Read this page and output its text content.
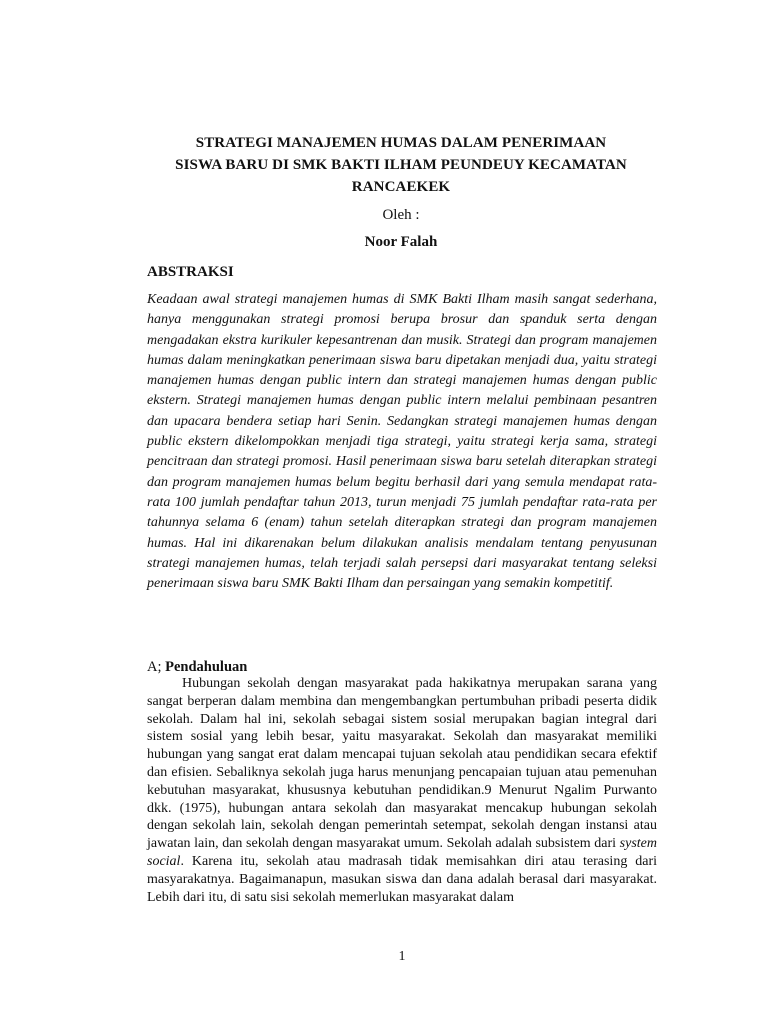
STRATEGI MANAJEMEN HUMAS DALAM PENERIMAAN
SISWA BARU DI SMK BAKTI ILHAM PEUNDEUY KECAMATAN
RANCAEKEK
Oleh :
Noor Falah
ABSTRAKSI

Keadaan awal strategi manajemen humas di SMK Bakti Ilham masih sangat sederhana, hanya menggunakan strategi promosi berupa brosur dan spanduk serta dengan mengadakan ekstra kurikuler kepesantrenan dan musik. Strategi dan program manajemen humas dalam meningkatkan penerimaan siswa baru dipetakan menjadi dua, yaitu strategi manajemen humas dengan public intern dan strategi manajemen humas dengan public ekstern. Strategi manajemen humas dengan public intern melalui pembinaan pesantren dan upacara bendera setiap hari Senin. Sedangkan strategi manajemen humas dengan public ekstern dikelompokkan menjadi tiga strategi, yaitu strategi kerja sama, strategi pencitraan dan strategi promosi. Hasil penerimaan siswa baru setelah diterapkan strategi dan program manajemen humas belum begitu berhasil dari yang semula mendapat rata-rata 100 jumlah pendaftar tahun 2013, turun menjadi 75 jumlah pendaftar rata-rata per tahunnya selama 6 (enam) tahun setelah diterapkan strategi dan program manajemen humas. Hal ini dikarenakan belum dilakukan analisis mendalam tentang penyusunan strategi manajemen humas, telah terjadi salah persepsi dari masyarakat tentang seleksi penerimaan siswa baru SMK Bakti Ilham dan persaingan yang semakin kompetitif.

A; Pendahuluan

Hubungan sekolah dengan masyarakat pada hakikatnya merupakan sarana yang sangat berperan dalam membina dan mengembangkan pertumbuhan pribadi peserta didik sekolah. Dalam hal ini, sekolah sebagai sistem sosial merupakan bagian integral dari sistem sosial yang lebih besar, yaitu masyarakat. Sekolah dan masyarakat memiliki hubungan yang sangat erat dalam mencapai tujuan sekolah atau pendidikan secara efektif dan efisien. Sebaliknya sekolah juga harus menunjang pencapaian tujuan atau pemenuhan kebutuhan masyarakat, khususnya kebutuhan pendidikan.9 Menurut Ngalim Purwanto dkk. (1975), hubungan antara sekolah dan masyarakat mencakup hubungan sekolah dengan sekolah lain, sekolah dengan pemerintah setempat, sekolah dengan instansi atau jawatan lain, dan sekolah dengan masyarakat umum. Sekolah adalah subsistem dari system social. Karena itu, sekolah atau madrasah tidak memisahkan diri atau terasing dari masyarakatnya. Bagaimanapun, masukan siswa dan dana adalah berasal dari masyarakat. Lebih dari itu, di satu sisi sekolah memerlukan masyarakat dalam

1
